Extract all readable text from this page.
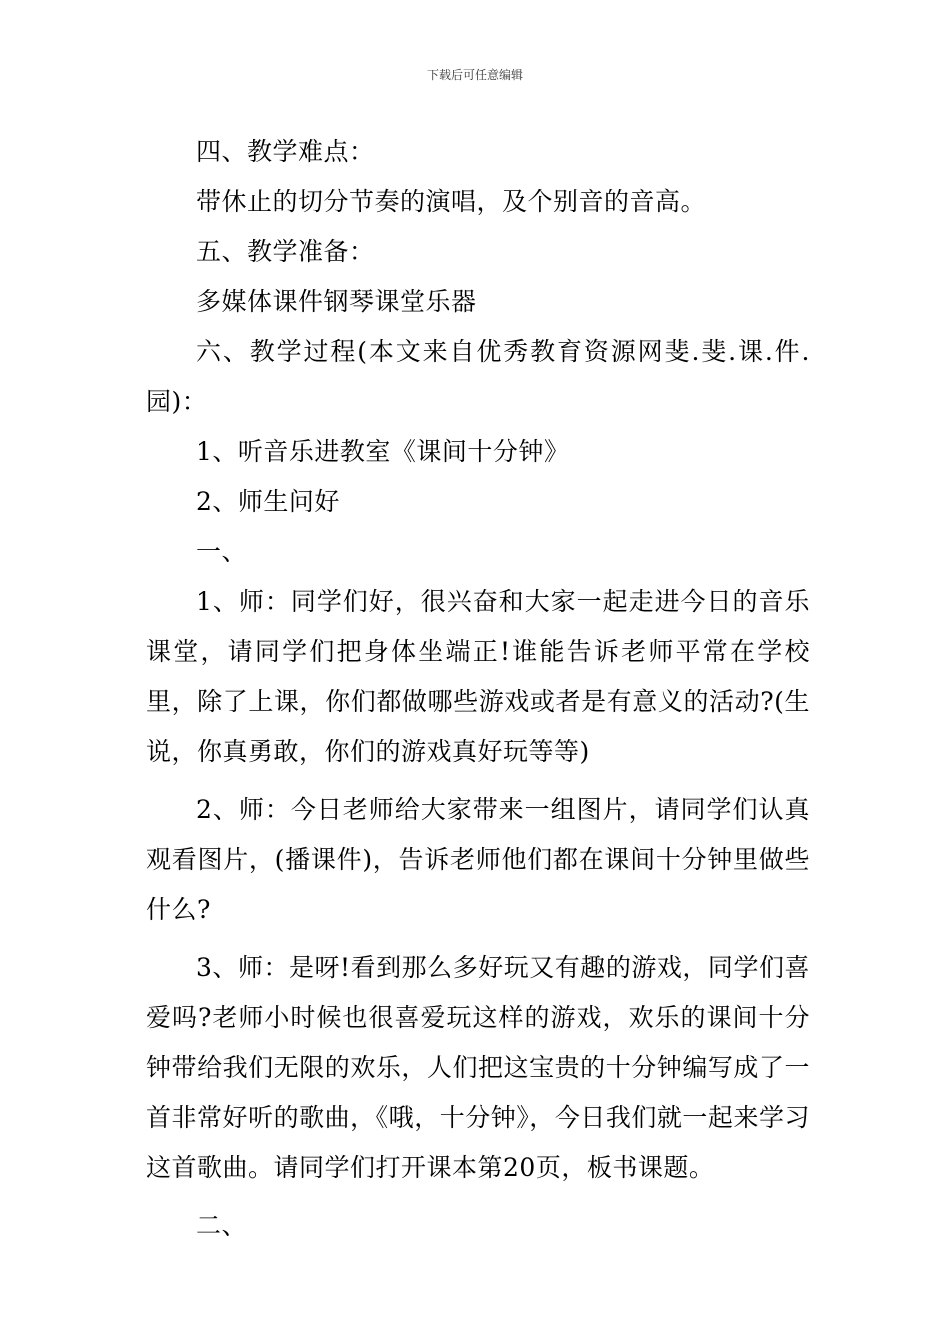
下载后可任意编辑

四、教学难点：

带休止的切分节奏的演唱，及个别音的音高。

五、教学准备：

多媒体课件钢琴课堂乐器

六、教学过程(本文来自优秀教育资源网斐.斐.课.件.园)：

1、听音乐进教室《课间十分钟》

2、师生问好

一、

1、师：同学们好，很兴奋和大家一起走进今日的音乐课堂，请同学们把身体坐端正!谁能告诉老师平常在学校里，除了上课，你们都做哪些游戏或者是有意义的活动?(生说，你真勇敢，你们的游戏真好玩等等)

2、师：今日老师给大家带来一组图片，请同学们认真观看图片，(播课件)，告诉老师他们都在课间十分钟里做些什么?

3、师：是呀!看到那么多好玩又有趣的游戏，同学们喜爱吗?老师小时候也很喜爱玩这样的游戏，欢乐的课间十分钟带给我们无限的欢乐，人们把这宝贵的十分钟编写成了一首非常好听的歌曲，《哦，十分钟》，今日我们就一起来学习这首歌曲。请同学们打开课本第20页，板书课题。

二、
